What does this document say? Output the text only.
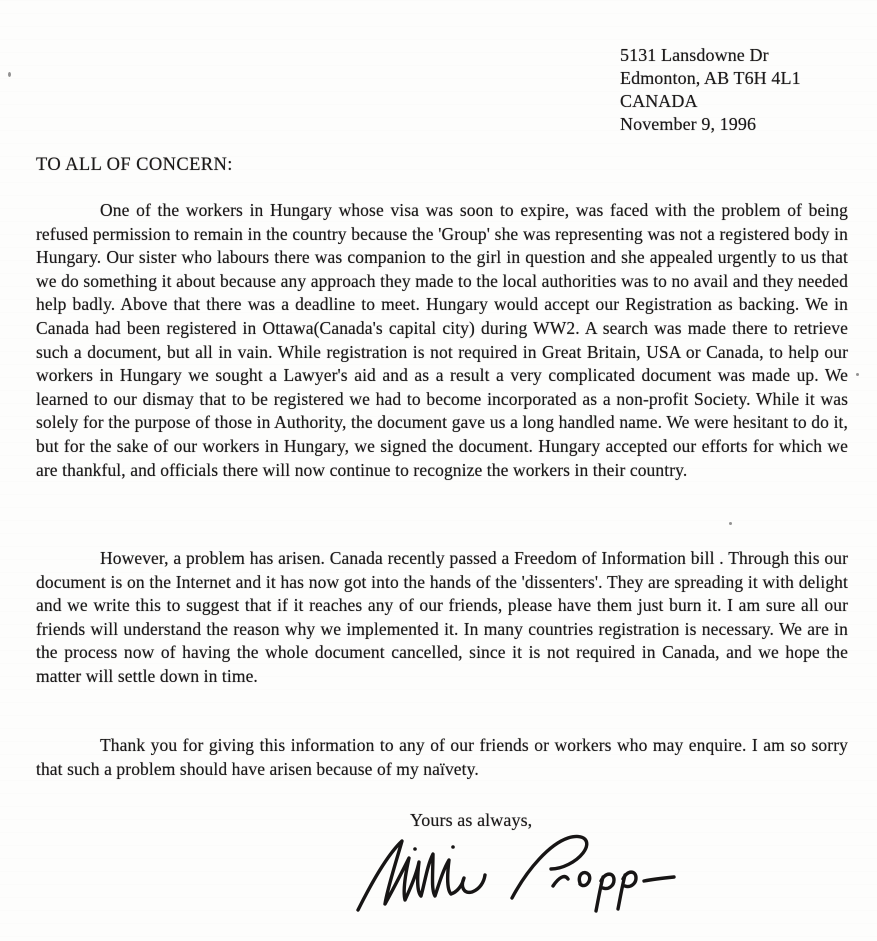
5131 Lansdowne Dr
Edmonton, AB T6H 4L1
CANADA
November 9, 1996
TO ALL OF CONCERN:
One of the workers in Hungary whose visa was soon to expire, was faced with the problem of being refused permission to remain in the country because the 'Group' she was representing was not a registered body in Hungary. Our sister who labours there was companion to the girl in question and she appealed urgently to us that we do something it about because any approach they made to the local authorities was to no avail and they needed help badly. Above that there was a deadline to meet. Hungary would accept our Registration as backing. We in Canada had been registered in Ottawa(Canada's capital city) during WW2. A search was made there to retrieve such a document, but all in vain. While registration is not required in Great Britain, USA or Canada, to help our workers in Hungary we sought a Lawyer's aid and as a result a very complicated document was made up. We learned to our dismay that to be registered we had to become incorporated as a non-profit Society. While it was solely for the purpose of those in Authority, the document gave us a long handled name. We were hesitant to do it, but for the sake of our workers in Hungary, we signed the document. Hungary accepted our efforts for which we are thankful, and officials there will now continue to recognize the workers in their country.
However, a problem has arisen. Canada recently passed a Freedom of Information bill . Through this our document is on the Internet and it has now got into the hands of the 'dissenters'. They are spreading it with delight and we write this to suggest that if it reaches any of our friends, please have them just burn it. I am sure all our friends will understand the reason why we implemented it. In many countries registration is necessary. We are in the process now of having the whole document cancelled, since it is not required in Canada, and we hope the matter will settle down in time.
Thank you for giving this information to any of our friends or workers who may enquire. I am so sorry that such a problem should have arisen because of my naïvety.
Yours as always,
